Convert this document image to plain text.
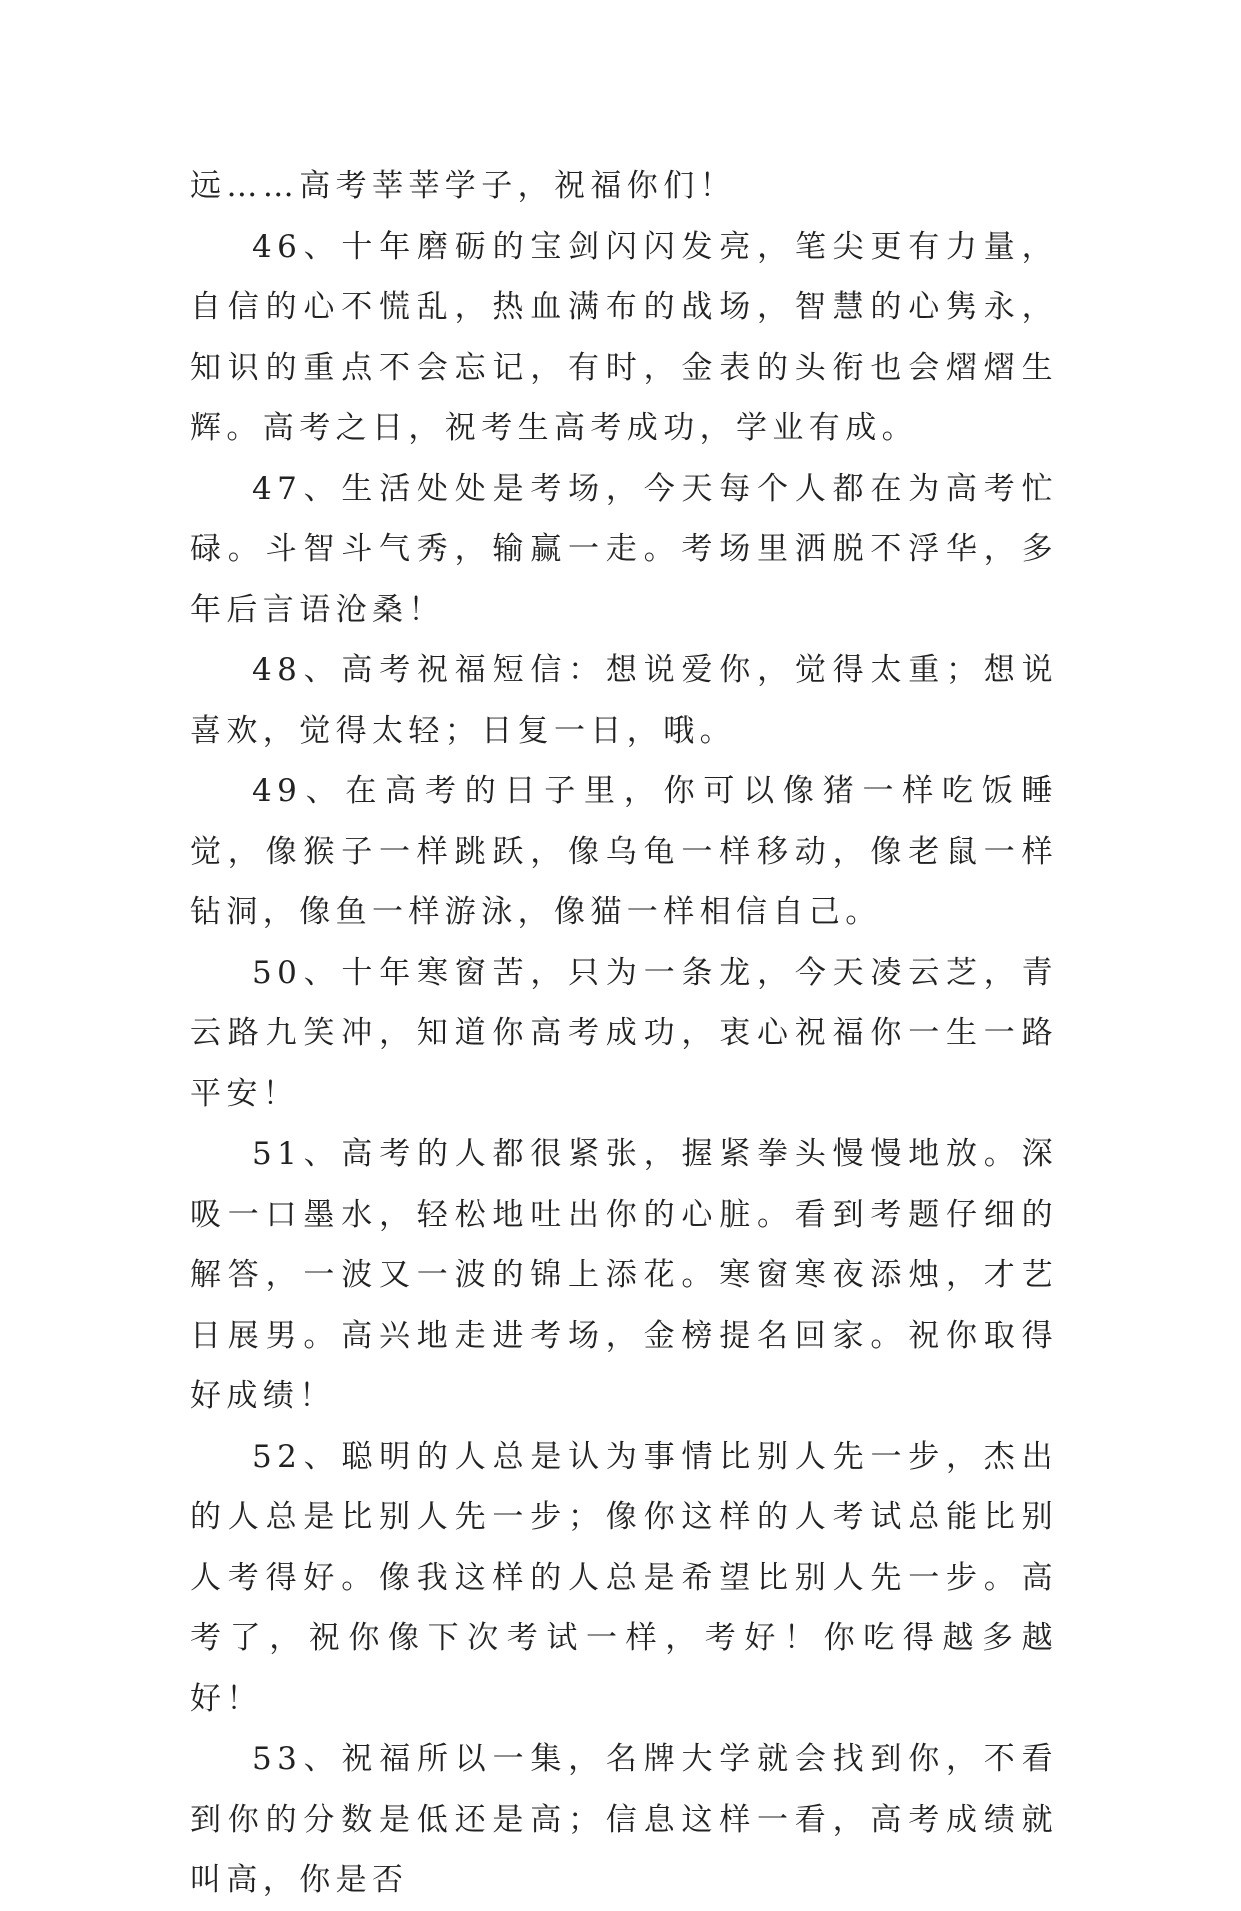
远……高考莘莘学子，祝福你们！

46、十年磨砺的宝剑闪闪发亮，笔尖更有力量，自信的心不慌乱，热血满布的战场，智慧的心隽永，知识的重点不会忘记，有时，金表的头衔也会熠熠生辉。高考之日，祝考生高考成功，学业有成。

47、生活处处是考场，今天每个人都在为高考忙碌。斗智斗气秀，输赢一走。考场里洒脱不浮华，多年后言语沧桑！

48、高考祝福短信：想说爱你，觉得太重；想说喜欢，觉得太轻；日复一日，哦。

49、在高考的日子里，你可以像猪一样吃饭睡觉，像猴子一样跳跃，像乌龟一样移动，像老鼠一样钻洞，像鱼一样游泳，像猫一样相信自己。

50、十年寒窗苦，只为一条龙，今天凌云芝，青云路九笑冲，知道你高考成功，衷心祝福你一生一路平安！

51、高考的人都很紧张，握紧拳头慢慢地放。深吸一口墨水，轻松地吐出你的心脏。看到考题仔细的解答，一波又一波的锦上添花。寒窗寒夜添烛，才艺日展男。高兴地走进考场，金榜提名回家。祝你取得好成绩！

52、聪明的人总是认为事情比别人先一步，杰出的人总是比别人先一步；像你这样的人考试总能比别人考得好。像我这样的人总是希望比别人先一步。高考了，祝你像下次考试一样，考好！你吃得越多越好！

53、祝福所以一集，名牌大学就会找到你，不看到你的分数是低还是高；信息这样一看，高考成绩就叫高，你是否
